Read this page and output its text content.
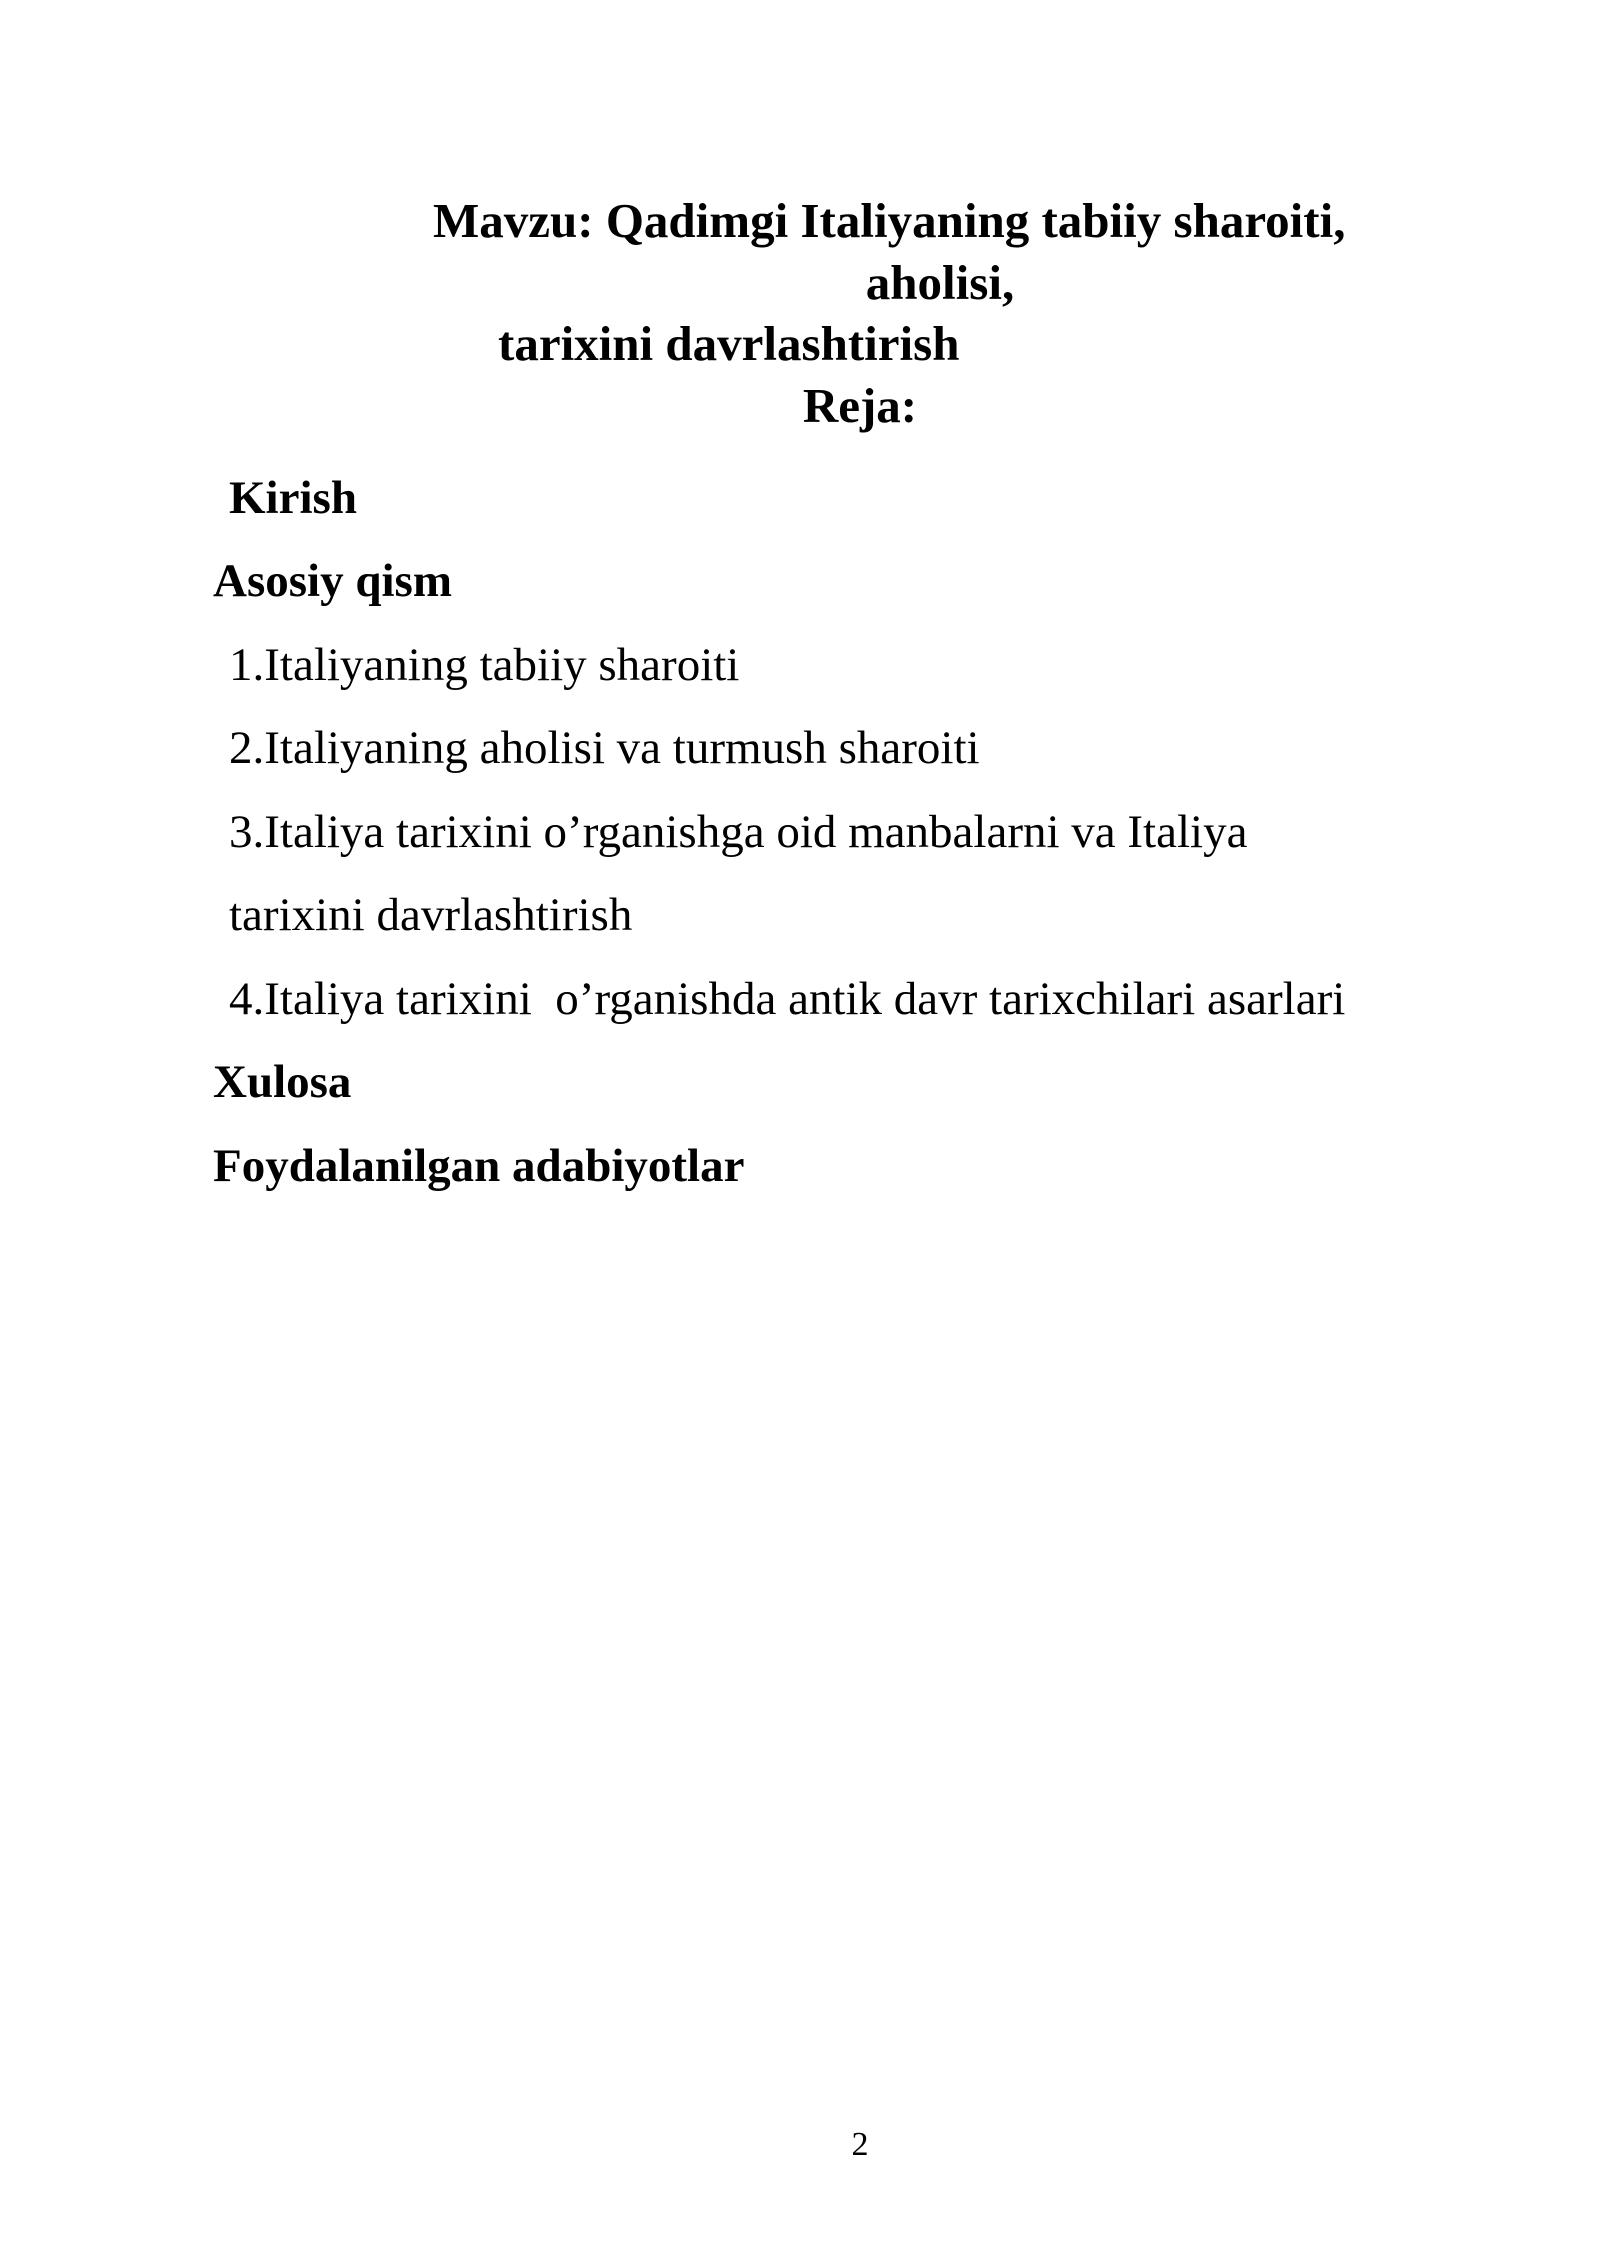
Mavzu: Qadimgi Italiyaning tabiiy sharoiti,
aholisi,
tarixini davrlashtirish
Reja:
Kirish
Asosiy qism
1.Italiyaning tabiiy sharoiti
2.Italiyaning aholisi va turmush sharoiti
3.Italiya tarixini o’rganishga oid manbalarni va Italiya
tarixini davrlashtirish
4.Italiya tarixini  o’rganishda antik davr tarixchilari asarlari
Xulosa
Foydalanilgan adabiyotlar
2
